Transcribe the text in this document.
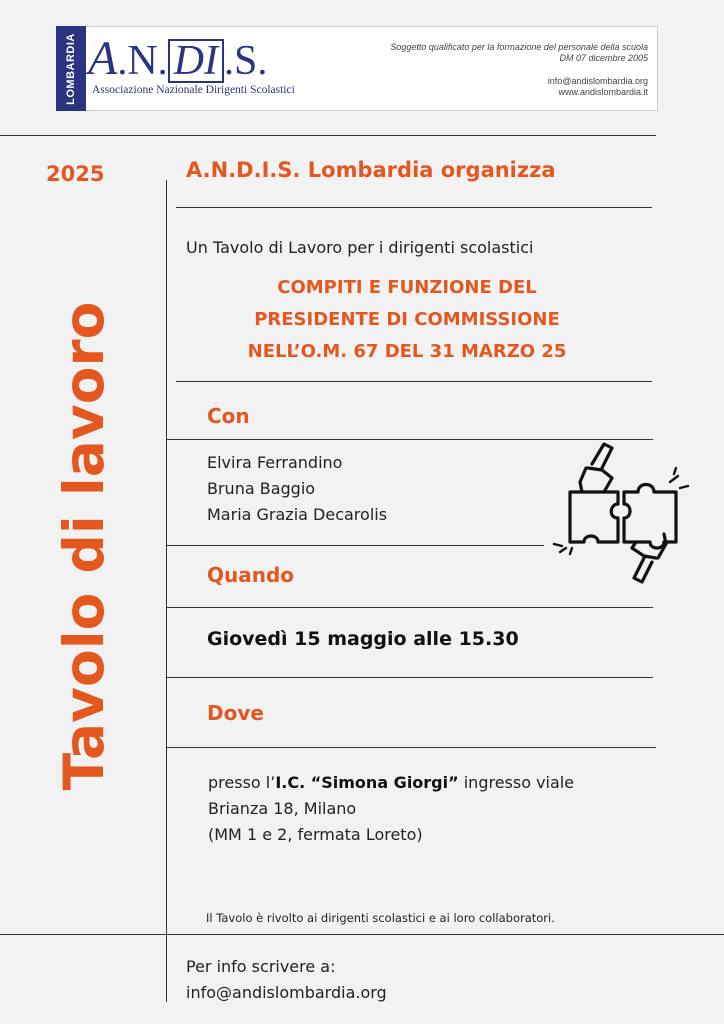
LOMBARDIA A.N. DI .S.
Associazione Nazionale Dirigenti Scolastici
Soggetto qualificato per la formazione del personale della scuola
DM 07 dicembre 2005
info@andislombardia.org
www.andislombardia.it
2025
Tavolo di lavoro
A.N.D.I.S. Lombardia organizza
Un Tavolo di Lavoro per i dirigenti scolastici
COMPITI E FUNZIONE DEL
PRESIDENTE DI COMMISSIONE
NELL’O.M. 67 DEL 31 MARZO 25
Con
Elvira Ferrandino
Bruna Baggio
Maria Grazia Decarolis
Quando
Giovedì 15 maggio alle 15.30
Dove
presso l’I.C. “Simona Giorgi” ingresso viale
Brianza 18, Milano
(MM 1 e 2, fermata Loreto)
Il Tavolo è rivolto ai dirigenti scolastici e ai loro collaboratori.
Per info scrivere a:
info@andislombardia.org
